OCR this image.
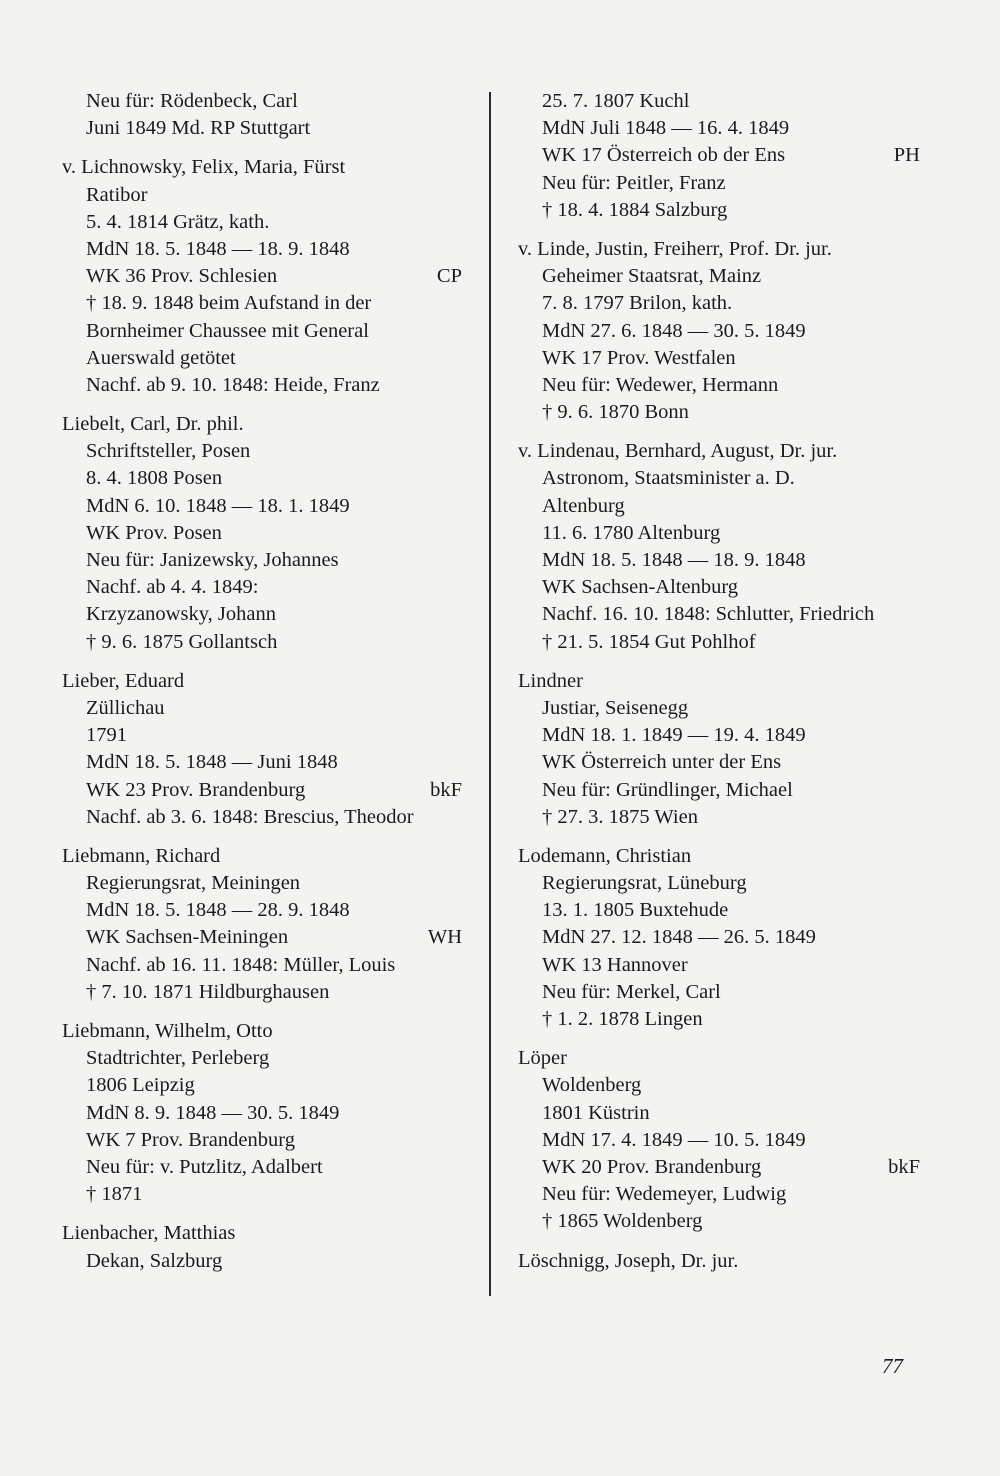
Neu für: Rödenbeck, Carl
Juni 1849 Md. RP Stuttgart
v. Lichnowsky, Felix, Maria, Fürst
Ratibor
5. 4. 1814 Grätz, kath.
MdN 18. 5. 1848 — 18. 9. 1848
WK 36 Prov. Schlesien	CP
† 18. 9. 1848 beim Aufstand in der
Bornheimer Chaussee mit General
Auerswald getötet
Nachf. ab 9. 10. 1848: Heide, Franz
Liebelt, Carl, Dr. phil.
Schriftsteller, Posen
8. 4. 1808 Posen
MdN 6. 10. 1848 — 18. 1. 1849
WK Prov. Posen
Neu für: Janizewsky, Johannes
Nachf. ab 4. 4. 1849:
Krzyzanowsky, Johann
† 9. 6. 1875 Gollantsch
Lieber, Eduard
Züllichau
1791
MdN 18. 5. 1848 — Juni 1848
WK 23 Prov. Brandenburg	bkF
Nachf. ab 3. 6. 1848: Brescius, Theodor
Liebmann, Richard
Regierungsrat, Meiningen
MdN 18. 5. 1848 — 28. 9. 1848
WK Sachsen-Meiningen	WH
Nachf. ab 16. 11. 1848: Müller, Louis
† 7. 10. 1871 Hildburghausen
Liebmann, Wilhelm, Otto
Stadtrichter, Perleberg
1806 Leipzig
MdN 8. 9. 1848 — 30. 5. 1849
WK 7 Prov. Brandenburg
Neu für: v. Putzlitz, Adalbert
† 1871
Lienbacher, Matthias
Dekan, Salzburg
25. 7. 1807 Kuchl
MdN Juli 1848 — 16. 4. 1849
WK 17 Österreich ob der Ens	PH
Neu für: Peitler, Franz
† 18. 4. 1884 Salzburg
v. Linde, Justin, Freiherr, Prof. Dr. jur.
Geheimer Staatsrat, Mainz
7. 8. 1797 Brilon, kath.
MdN 27. 6. 1848 — 30. 5. 1849
WK 17 Prov. Westfalen
Neu für: Wedewer, Hermann
† 9. 6. 1870 Bonn
v. Lindenau, Bernhard, August, Dr. jur.
Astronom, Staatsminister a. D.
Altenburg
11. 6. 1780 Altenburg
MdN 18. 5. 1848 — 18. 9. 1848
WK Sachsen-Altenburg
Nachf. 16. 10. 1848: Schlutter, Friedrich
† 21. 5. 1854 Gut Pohlhof
Lindner
Justiar, Seisenegg
MdN 18. 1. 1849 — 19. 4. 1849
WK Österreich unter der Ens
Neu für: Gründlinger, Michael
† 27. 3. 1875 Wien
Lodemann, Christian
Regierungsrat, Lüneburg
13. 1. 1805 Buxtehude
MdN 27. 12. 1848 — 26. 5. 1849
WK 13 Hannover
Neu für: Merkel, Carl
† 1. 2. 1878 Lingen
Löper
Woldenberg
1801 Küstrin
MdN 17. 4. 1849 — 10. 5. 1849
WK 20 Prov. Brandenburg	bkF
Neu für: Wedemeyer, Ludwig
† 1865 Woldenberg
Löschnigg, Joseph, Dr. jur.
77
